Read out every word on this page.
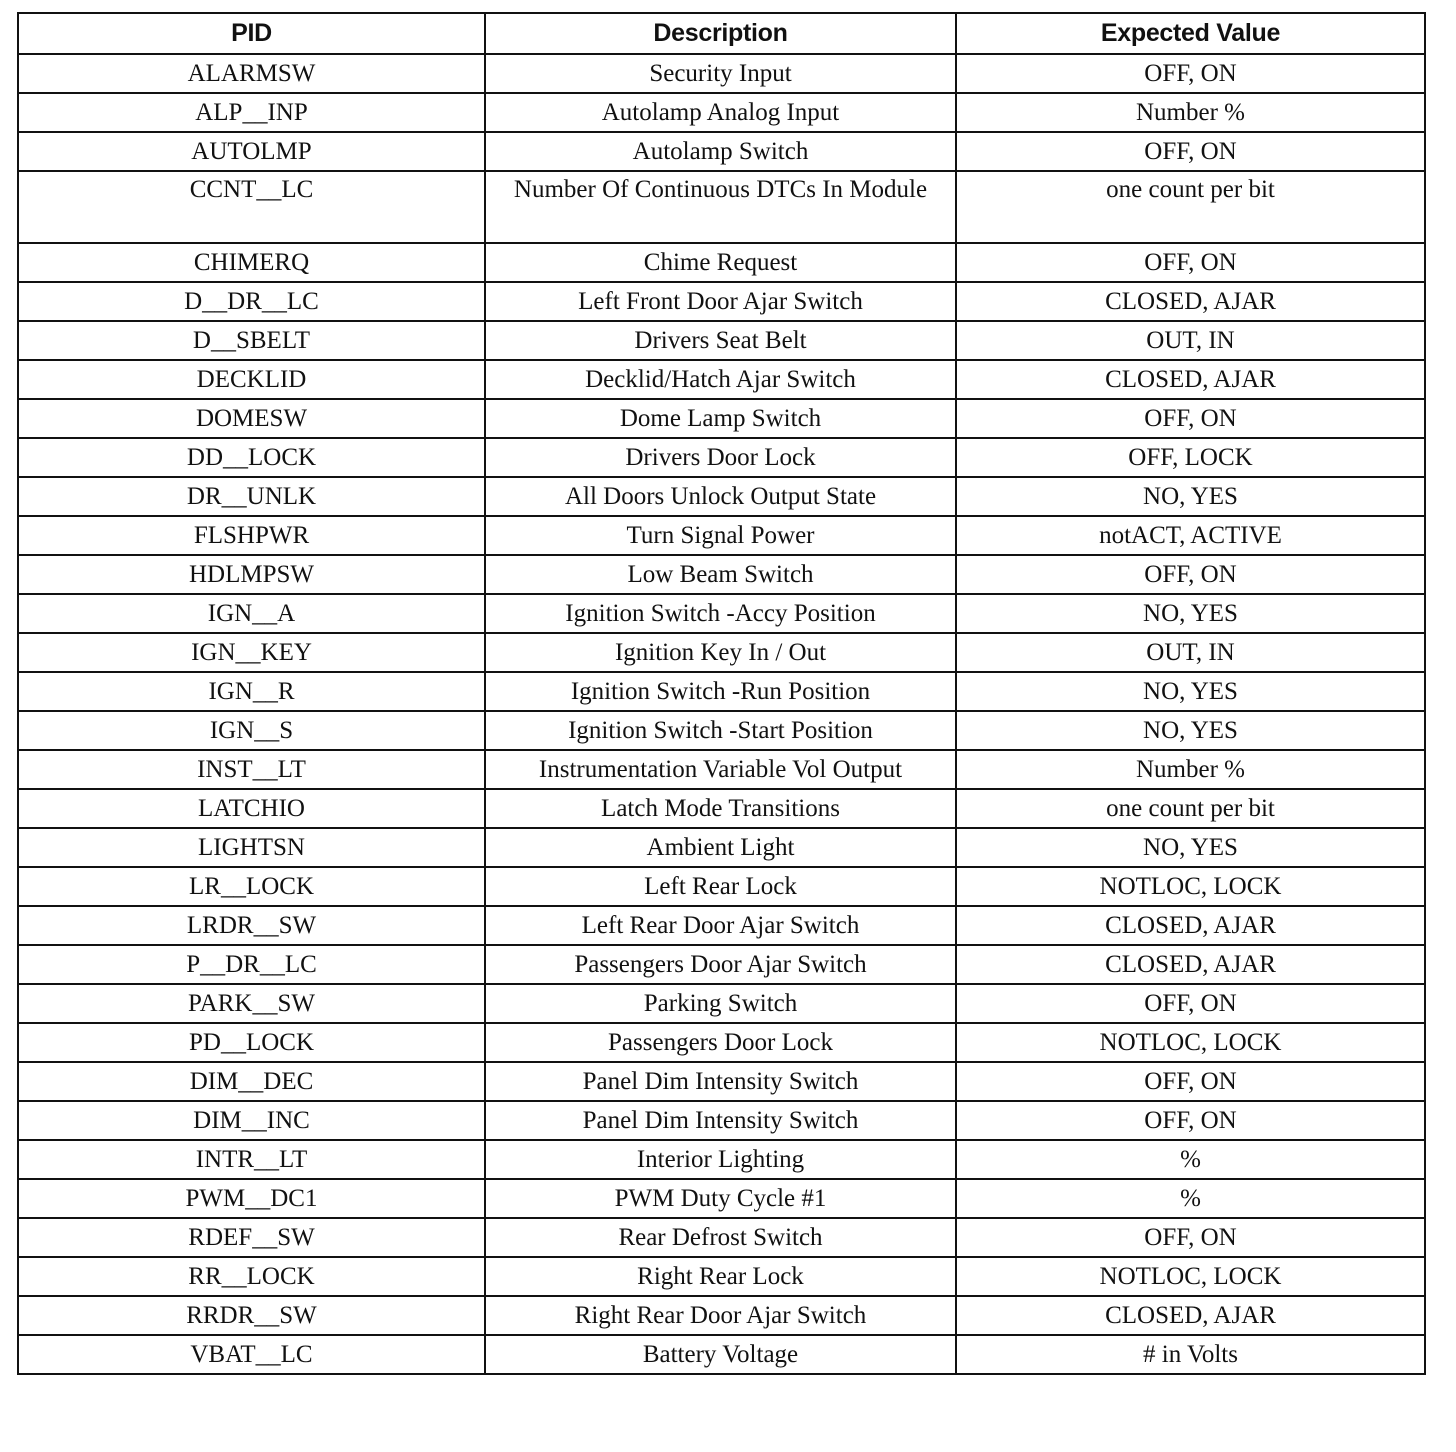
PID	Description	Expected Value
ALARMSW	Security Input	OFF, ON
ALP__INP	Autolamp Analog Input	Number %
AUTOLMP	Autolamp Switch	OFF, ON
CCNT__LC	Number Of Continuous DTCs In Module	one count per bit
CHIMERQ	Chime Request	OFF, ON
D__DR__LC	Left Front Door Ajar Switch	CLOSED, AJAR
D__SBELT	Drivers Seat Belt	OUT, IN
DECKLID	Decklid/Hatch Ajar Switch	CLOSED, AJAR
DOMESW	Dome Lamp Switch	OFF, ON
DD__LOCK	Drivers Door Lock	OFF, LOCK
DR__UNLK	All Doors Unlock Output State	NO, YES
FLSHPWR	Turn Signal Power	notACT, ACTIVE
HDLMPSW	Low Beam Switch	OFF, ON
IGN__A	Ignition Switch -Accy Position	NO, YES
IGN__KEY	Ignition Key In / Out	OUT, IN
IGN__R	Ignition Switch -Run Position	NO, YES
IGN__S	Ignition Switch -Start Position	NO, YES
INST__LT	Instrumentation Variable Vol Output	Number %
LATCHIO	Latch Mode Transitions	one count per bit
LIGHTSN	Ambient Light	NO, YES
LR__LOCK	Left Rear Lock	NOTLOC, LOCK
LRDR__SW	Left Rear Door Ajar Switch	CLOSED, AJAR
P__DR__LC	Passengers Door Ajar Switch	CLOSED, AJAR
PARK__SW	Parking Switch	OFF, ON
PD__LOCK	Passengers Door Lock	NOTLOC, LOCK
DIM__DEC	Panel Dim Intensity Switch	OFF, ON
DIM__INC	Panel Dim Intensity Switch	OFF, ON
INTR__LT	Interior Lighting	%
PWM__DC1	PWM Duty Cycle #1	%
RDEF__SW	Rear Defrost Switch	OFF, ON
RR__LOCK	Right Rear Lock	NOTLOC, LOCK
RRDR__SW	Right Rear Door Ajar Switch	CLOSED, AJAR
VBAT__LC	Battery Voltage	# in Volts
